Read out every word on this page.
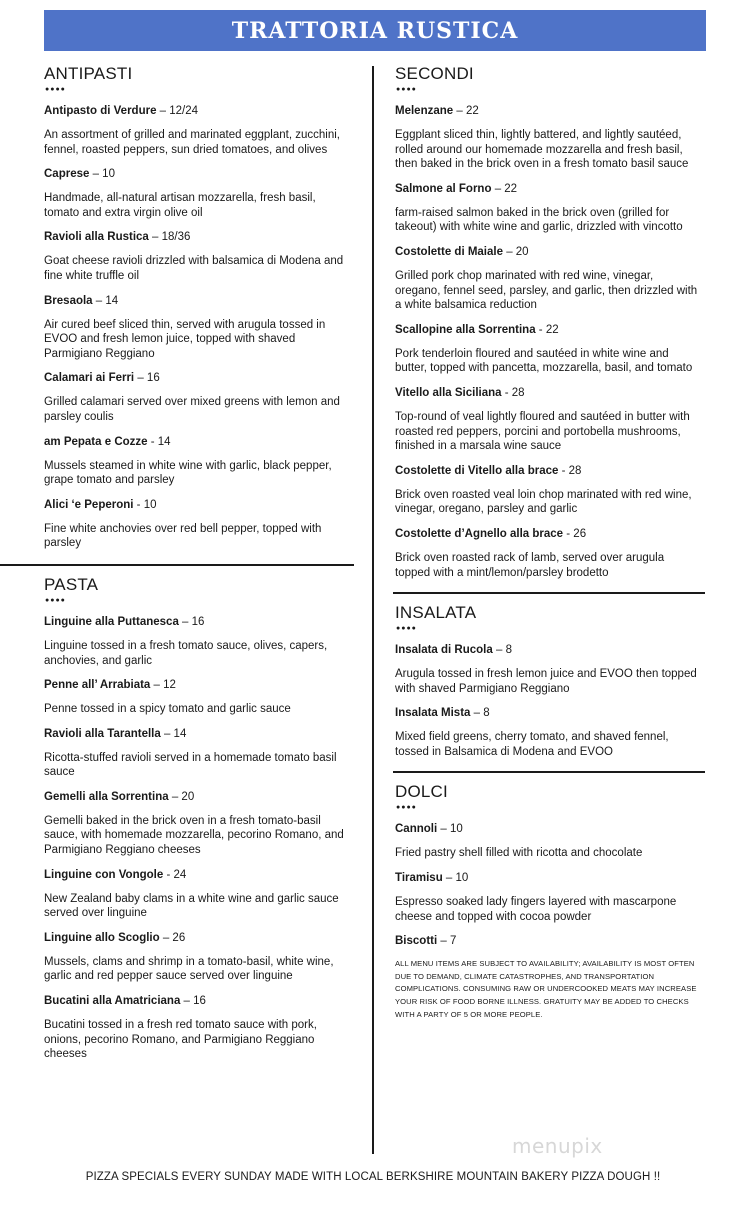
TRATTORIA RUSTICA
ANTIPASTI
●●●●
Antipasto di Verdure – 12/24
An assortment of grilled and marinated eggplant, zucchini, fennel, roasted peppers, sun dried tomatoes, and olives
Caprese – 10
Handmade, all-natural artisan mozzarella, fresh basil, tomato and extra virgin olive oil
Ravioli alla Rustica – 18/36
Goat cheese ravioli drizzled with balsamica di Modena and fine white truffle oil
Bresaola – 14
Air cured beef sliced thin, served with arugula tossed in EVOO and fresh lemon juice, topped with shaved Parmigiano Reggiano
Calamari ai Ferri – 16
Grilled calamari served over mixed greens with lemon and parsley coulis
am Pepata e Cozze - 14
Mussels steamed in white wine with garlic, black pepper, grape tomato and parsley
Alici ‘e Peperoni - 10
Fine white anchovies over red bell pepper, topped with parsley
PASTA
●●●●
Linguine alla Puttanesca – 16
Linguine tossed in a fresh tomato sauce, olives, capers, anchovies, and garlic
Penne all’ Arrabiata – 12
Penne tossed in a spicy tomato and garlic sauce
Ravioli alla Tarantella – 14
Ricotta-stuffed ravioli served in a homemade tomato basil sauce
Gemelli alla Sorrentina – 20
Gemelli baked in the brick oven in a fresh tomato-basil sauce, with homemade mozzarella, pecorino Romano, and Parmigiano Reggiano cheeses
Linguine con Vongole - 24
New Zealand baby clams in a white wine and garlic sauce served over linguine
Linguine allo Scoglio – 26
Mussels, clams and shrimp in a tomato-basil, white wine, garlic and red pepper sauce served over linguine
Bucatini alla Amatriciana – 16
Bucatini tossed in a fresh red tomato sauce with pork, onions, pecorino Romano, and Parmigiano Reggiano cheeses
SECONDI
●●●●
Melenzane – 22
Eggplant sliced thin, lightly battered, and lightly sautéed, rolled around our homemade mozzarella and fresh basil, then baked in the brick oven in a fresh tomato basil sauce
Salmone al Forno – 22
farm-raised salmon baked in the brick oven (grilled for takeout) with white wine and garlic, drizzled with vincotto
Costolette di Maiale – 20
Grilled pork chop marinated with red wine, vinegar, oregano, fennel seed, parsley, and garlic, then drizzled with a white balsamica reduction
Scallopine alla Sorrentina - 22
Pork tenderloin floured and sautéed in white wine and butter, topped with pancetta, mozzarella, basil, and tomato
Vitello alla Siciliana - 28
Top-round of veal lightly floured and sautéed in butter with roasted red peppers, porcini and portobella mushrooms, finished in a marsala wine sauce
Costolette di Vitello alla brace - 28
Brick oven roasted veal loin chop marinated with red wine, vinegar, oregano, parsley and garlic
Costolette d’Agnello alla brace - 26
Brick oven roasted rack of lamb, served over arugula topped with a mint/lemon/parsley brodetto
INSALATA
●●●●
Insalata di Rucola – 8
Arugula tossed in fresh lemon juice and EVOO then topped with shaved Parmigiano Reggiano
Insalata Mista – 8
Mixed field greens, cherry tomato, and shaved fennel, tossed in Balsamica di Modena and EVOO
DOLCI
●●●●
Cannoli – 10
Fried pastry shell filled with ricotta and chocolate
Tiramisu – 10
Espresso soaked lady fingers layered with mascarpone cheese and topped with cocoa powder
Biscotti – 7
ALL MENU ITEMS ARE SUBJECT TO AVAILABILITY; AVAILABILITY IS MOST OFTEN DUE TO DEMAND, CLIMATE CATASTROPHES, AND TRANSPORTATION COMPLICATIONS. CONSUMING RAW OR UNDERCOOKED MEATS MAY INCREASE YOUR RISK OF FOOD BORNE ILLNESS. GRATUITY MAY BE ADDED TO CHECKS WITH A PARTY OF 5 OR MORE PEOPLE.
menupix
PIZZA SPECIALS EVERY SUNDAY MADE WITH LOCAL BERKSHIRE MOUNTAIN BAKERY PIZZA DOUGH !!
